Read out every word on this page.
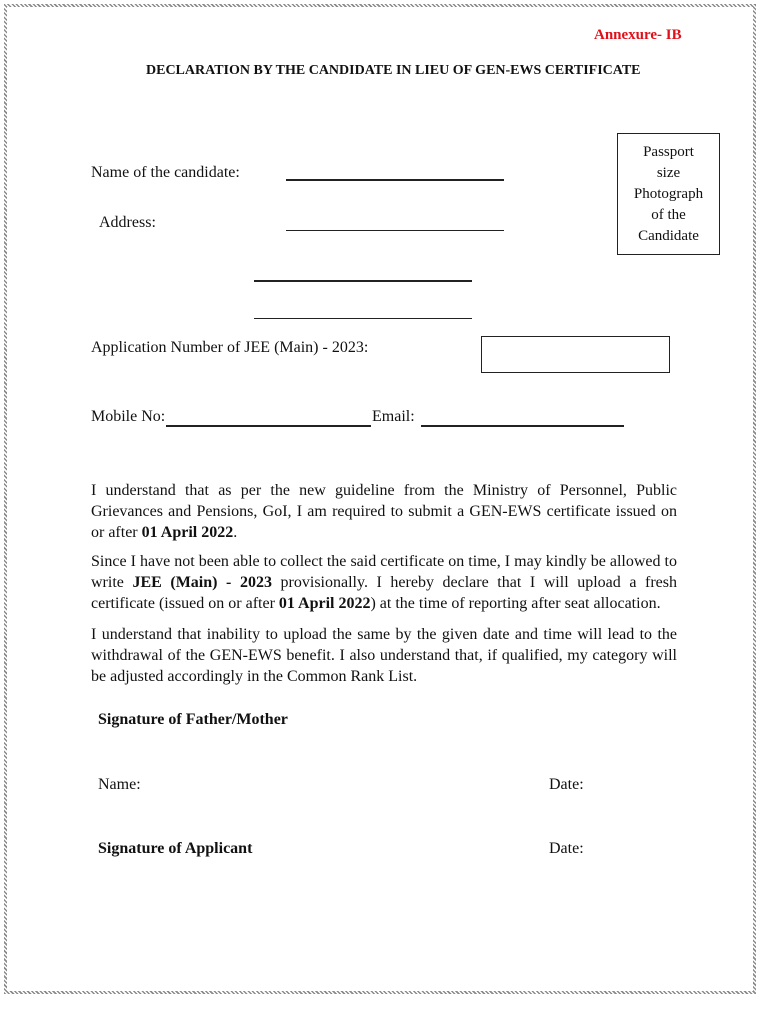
Annexure- IB
DECLARATION BY THE CANDIDATE IN LIEU OF GEN-EWS CERTIFICATE
Name of the candidate:
Passport
size
Photograph
of the
Candidate
Address:
Application Number of JEE (Main) - 2023:
Mobile No:	Email:

I understand that as per the new guideline from the Ministry of Personnel, Public Grievances and Pensions, GoI, I am required to submit a GEN-EWS certificate issued on or after 01 April 2022.

Since I have not been able to collect the said certificate on time, I may kindly be allowed to write JEE (Main) - 2023 provisionally. I hereby declare that I will upload a fresh certificate (issued on or after 01 April 2022) at the time of reporting after seat allocation.

I understand that inability to upload the same by the given date and time will lead to the withdrawal of the GEN-EWS benefit. I also understand that, if qualified, my category will be adjusted accordingly in the Common Rank List.

Signature of Father/Mother
Name:	Date:
Signature of Applicant	Date:
